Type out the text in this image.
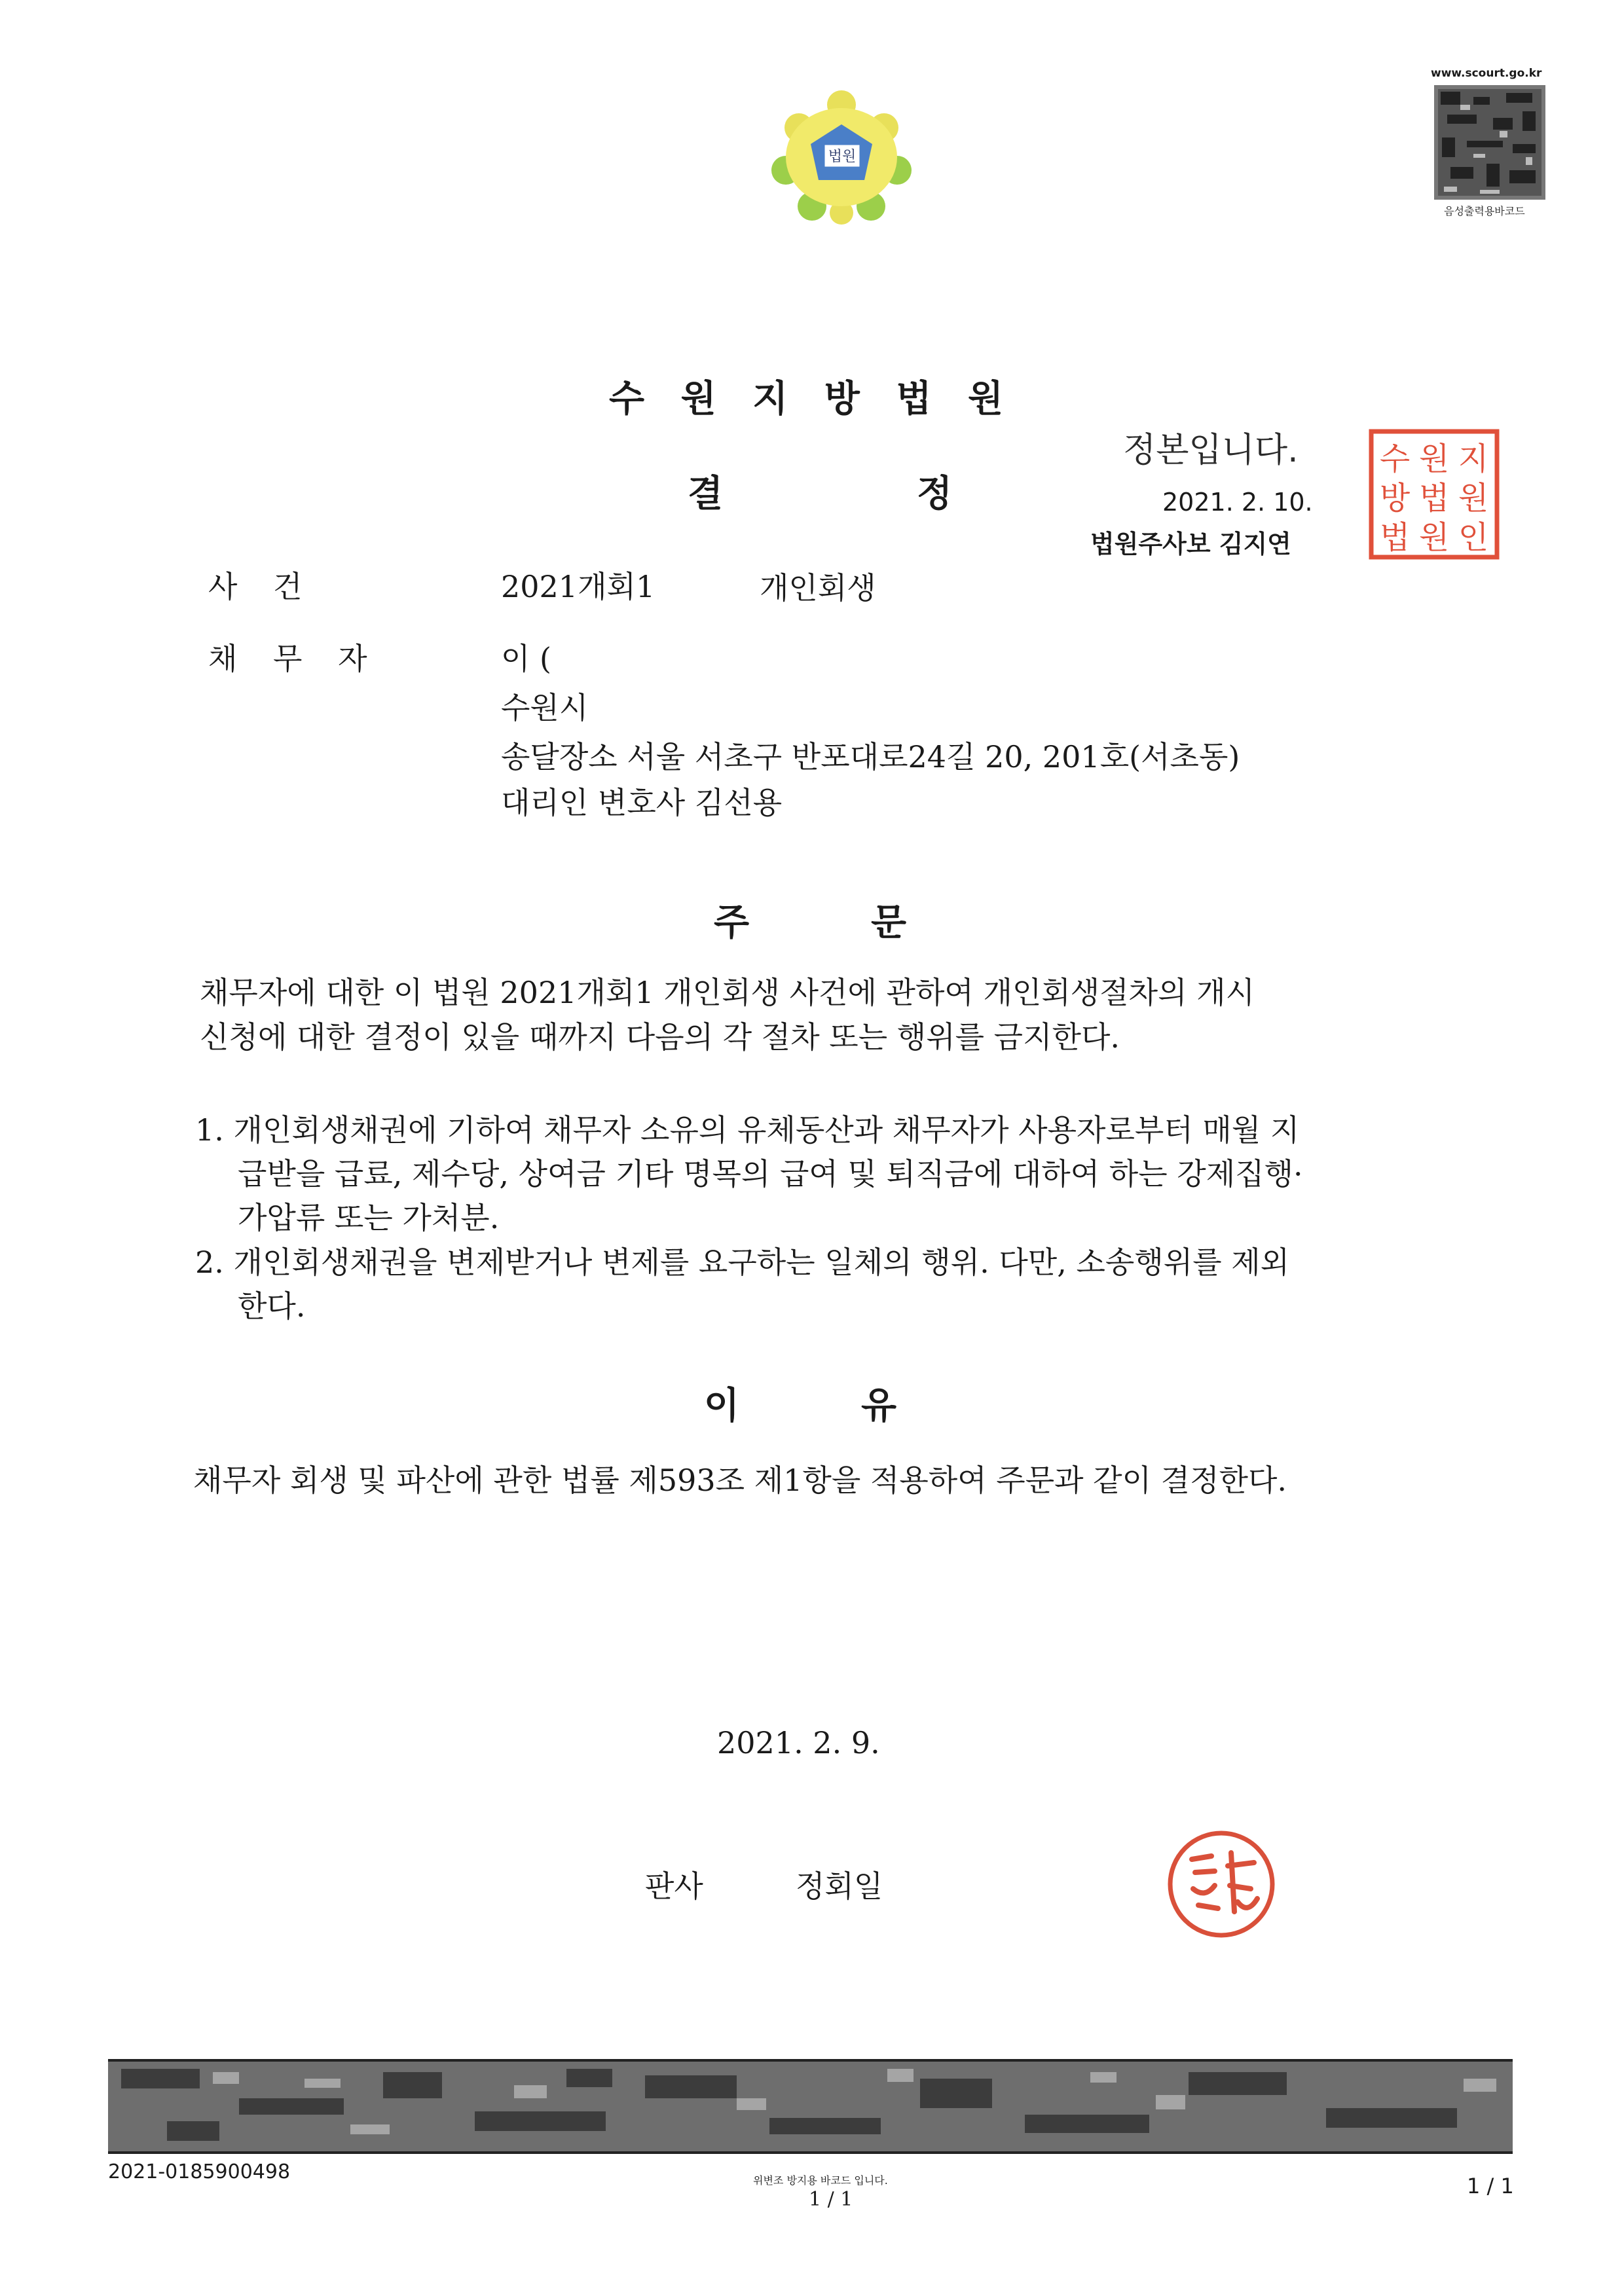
법원
www.scourt.go.kr
음성출력용바코드
수 원 지 방 법 원
결	정
정본입니다.
2021. 2. 10.
법원주사보 김지연
수 원 지
방 법 원
법 원 인
사 건	2021개회1	개인회생
채 무 자	이 (
수원시
송달장소 서울 서초구 반포대로24길 20, 201호(서초동)
대리인 변호사 김선용
주	문
채무자에 대한 이 법원 2021개회1 개인회생 사건에 관하여 개인회생절차의 개시
신청에 대한 결정이 있을 때까지 다음의 각 절차 또는 행위를 금지한다.
1. 개인회생채권에 기하여 채무자 소유의 유체동산과 채무자가 사용자로부터 매월 지
급받을 급료, 제수당, 상여금 기타 명목의 급여 및 퇴직금에 대하여 하는 강제집행·
가압류 또는 가처분.
2. 개인회생채권을 변제받거나 변제를 요구하는 일체의 행위. 다만, 소송행위를 제외
한다.
이	유
채무자 회생 및 파산에 관한 법률 제593조 제1항을 적용하여 주문과 같이 결정한다.
2021. 2. 9.
판사	정회일
2021-0185900498	위변조 방지용 바코드 입니다.
1 / 1
1 / 1
